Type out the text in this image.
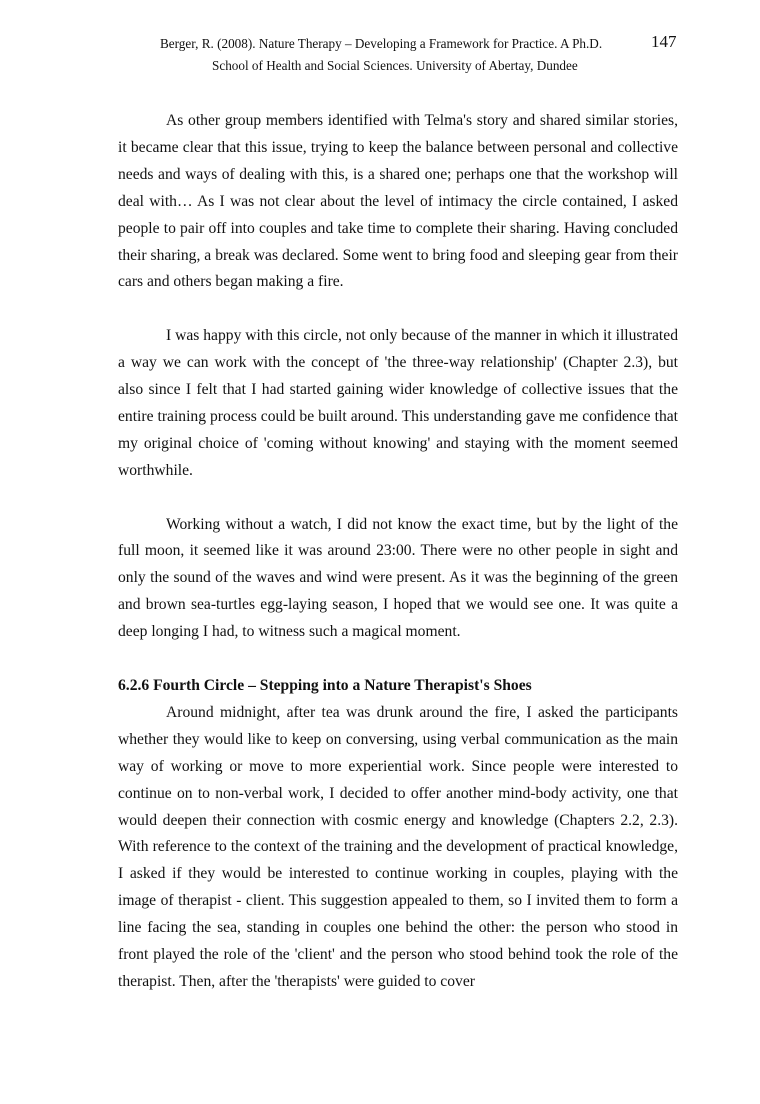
Berger, R. (2008). Nature Therapy – Developing a Framework for Practice. A Ph.D.	147
School of Health and Social Sciences. University of Abertay, Dundee

As other group members identified with Telma's story and shared similar stories, it became clear that this issue, trying to keep the balance between personal and collective needs and ways of dealing with this, is a shared one; perhaps one that the workshop will deal with… As I was not clear about the level of intimacy the circle contained, I asked people to pair off into couples and take time to complete their sharing. Having concluded their sharing, a break was declared. Some went to bring food and sleeping gear from their cars and others began making a fire.

I was happy with this circle, not only because of the manner in which it illustrated a way we can work with the concept of 'the three-way relationship' (Chapter 2.3), but also since I felt that I had started gaining wider knowledge of collective issues that the entire training process could be built around. This understanding gave me confidence that my original choice of 'coming without knowing' and staying with the moment seemed worthwhile.

Working without a watch, I did not know the exact time, but by the light of the full moon, it seemed like it was around 23:00. There were no other people in sight and only the sound of the waves and wind were present. As it was the beginning of the green and brown sea-turtles egg-laying season, I hoped that we would see one. It was quite a deep longing I had, to witness such a magical moment.

6.2.6 Fourth Circle – Stepping into a Nature Therapist's Shoes

Around midnight, after tea was drunk around the fire, I asked the participants whether they would like to keep on conversing, using verbal communication as the main way of working or move to more experiential work. Since people were interested to continue on to non-verbal work, I decided to offer another mind-body activity, one that would deepen their connection with cosmic energy and knowledge (Chapters 2.2, 2.3). With reference to the context of the training and the development of practical knowledge, I asked if they would be interested to continue working in couples, playing with the image of therapist - client. This suggestion appealed to them, so I invited them to form a line facing the sea, standing in couples one behind the other: the person who stood in front played the role of the 'client' and the person who stood behind took the role of the therapist. Then, after the 'therapists' were guided to cover
